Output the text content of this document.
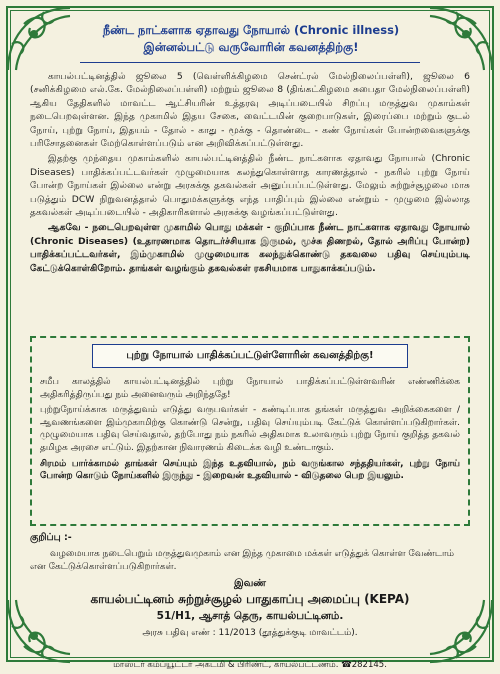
நீண்ட நாட்களாக ஏதாவது நோயால் (Chronic illness)
இன்னல்பட்டு வருவோரின் கவனத்திற்கு!

காயல்பட்டினத்தில் ஜூலை 5 (வெள்ளிக்கிழமை சென்ட்ரல் மேல்நிலைப்பள்ளி), ஜூலை 6 (சனிக்கிழமை எல்.கே. மேல்நிலைப்பள்ளி) மற்றும் ஜூலை 8 (திங்கட்கிழமை சுபைதா மேல்நிலைப்பள்ளி) ஆகிய தேதிகளில் மாவட்ட ஆட்சியரின் உத்தரவு அடிப்படையில் சிறப்பு மருத்துவ முகாம்கள் நடைபெறவுள்ளன. இந்த முகாமில் இதய சேகை, வைட்டமின் குறைபாடுகள், இரைப்பை மற்றும் குடல் நோய், புற்று நோய், இதயம் - தோல் - காது - மூக்கு - தொண்டை - கண் நோய்கள் போன்றவைகளுக்கு பரிசோதனைகள் மேற்கொள்ளப்படும் என அறிவிக்கப்பட்டுள்ளது.

இதற்கு முந்தைய முகாம்களில் காயல்பட்டினத்தில் நீண்ட நாட்களாக ஏதாவது நோயால் (Chronic Diseases) பாதிக்கப்பட்டவர்கள் முழுமையாக கலந்துகொள்ளாத காரணத்தால் - நகரில் புற்று நோய் போன்ற நோய்கள் இல்லை என்று அரசுக்கு தகவல்கள் அனுப்பப்பட்டுள்ளது. மேலும் சுற்றுச்சூழலை மாசு படுத்தும் DCW நிறுவனத்தால் பொதுமக்களுக்கு எந்த பாதிப்பும் இல்லை என்றும் - முழுமை இல்லாத தகவல்கள் அடிப்படையில் - அதிகாரிகளால் அரசுக்கு வழங்கப்பட்டுள்ளது.

ஆகவே - நடைபெறவுள்ள முகாமில் பொது மக்கள் - குறிப்பாக நீண்ட நாட்களாக ஏதாவது நோயால் (Chronic Diseases) (உதாரணமாக தொடர்ச்சியாக இருமல், மூச்சு திணறல், தோல் அரிப்பு போன்ற) பாதிக்கப்பட்டவர்கள், இம்முகாமில் முழுமையாக கலந்துக்கொண்டு தகவலை பதிவு செய்யும்படி கேட்டுக்கொள்கிறோம். தாங்கள் வழங்கும் தகவல்கள் ரகசியமாக பாதுகாக்கப்படும்.

புற்று நோயால் பாதிக்கப்பட்டுள்ளோரின் கவனத்திற்கு!

சமீப காலத்தில் காயல்பட்டினத்தில் புற்று நோயால் பாதிக்கப்பட்டுள்ளவரின் எண்ணிக்கை அதிகரித்திருப்பது நம் அனைவரும் அறிந்ததே!

புற்றுநோய்க்காக மருத்துவம் எடுத்து வருபவர்கள் - கண்டிப்பாக தங்கள் மருத்துவ அறிக்கைகளை / ஆவணங்களை இம்முகாமிற்கு கொண்டு சென்று, பதிவு செய்யும்படி கேட்டுக் கொள்ளப்படுகிறார்கள். முழுமையாக பதிவு செய்வதால், தற்போது நம் நகரில் அதிகமாக உலாவரும் புற்று நோய் குறித்த தகவல் தமிழக அரசை எட்டும். இதற்கான நிவாரணம் கிடைக்க வழி உண்டாகும்.

சிரமம் பார்க்காமல் தாங்கள் செய்யும் இந்த உதவியால், நம் வருங்கால சந்ததியர்கள், புற்று நோய் போன்ற கொடும் நோய்களில் இருந்து - இறைவன் உதவியால் - விடுதலை பெற இயலும்.

குறிப்பு :-
வழமையாக நடைபெறும் மருத்துவமுகாம் என இந்த முகாமை மக்கள் எடுத்துக் கொள்ள வேண்டாம் என கேட்டுக்கொள்ளப்படுகிறார்கள்.
இவண்
காயல்பட்டினம் சுற்றுச்சூழல் பாதுகாப்பு அமைப்பு (KEPA)
51/H1, ஆசாத் தெரு, காயல்பட்டினம்.
அரசு பதிவு எண் : 11/2013 (தூத்துக்குடி மாவட்டம்).
மாஸ்டர் கம்ப்யூட்டர் அகடமி & பிரிண்ட், காயல்பட்டணம். ☎282145.
